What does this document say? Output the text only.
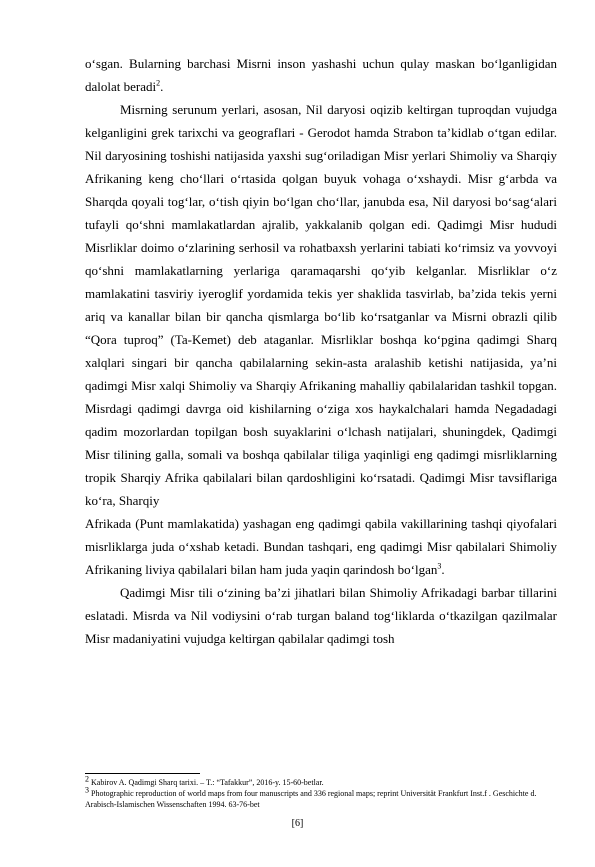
o‘sgan. Bularning barchasi Misrni inson yashashi uchun qulay maskan bo‘lganligidan dalolat beradi$^2$.

Misrning serunum yerlari, asosan, Nil daryosi oqizib keltirgan tuproqdan vujudga kelganligini grek tarixchi va geograflari - Gerodot hamda Strabon ta’kidlab o‘tgan edilar. Nil daryosining toshishi natijasida yaxshi sug‘oriladigan Misr yerlari Shimoliy va Sharqiy Afrikaning keng cho‘llari o‘rtasida qolgan buyuk vohaga o‘xshaydi. Misr g‘arbda va Sharqda qoyali tog‘lar, o‘tish qiyin bo‘lgan cho‘llar, janubda esa, Nil daryosi bo‘sag‘alari tufayli qo‘shni mamlakatlardan ajralib, yakkalanib qolgan edi. Qadimgi Misr hududi Misrliklar doimo o‘zlarining serhosil va rohatbaxsh yerlarini tabiati ko‘rimsiz va yovvoyi qo‘shni mamlakatlarning yerlariga qaramaqarshi qo‘yib kelganlar. Misrliklar o‘z mamlakatini tasviriy iyeroglif yordamida tekis yer shaklida tasvirlab, ba’zida tekis yerni ariq va kanallar bilan bir qancha qismlarga bo‘lib ko‘rsatganlar va Misrni obrazli qilib “Qora tuproq” (Ta-Kemet) deb ataganlar. Misrliklar boshqa ko‘pgina qadimgi Sharq xalqlari singari bir qancha qabilalarning sekin-asta aralashib ketishi natijasida, ya’ni qadimgi Misr xalqi Shimoliy va Sharqiy Afrikaning mahalliy qabilalaridan tashkil topgan. Misrdagi qadimgi davrga oid kishilarning o‘ziga xos haykalchalari hamda Negadadagi qadim mozorlardan topilgan bosh suyaklarini o‘lchash natijalari, shuningdek, Qadimgi Misr tilining galla, somali va boshqa qabilalar tiliga yaqinligi eng qadimgi misrliklarning tropik Sharqiy Afrika qabilalari bilan qardoshligini ko‘rsatadi. Qadimgi Misr tavsiflariga ko‘ra, Sharqiy

Afrikada (Punt mamlakatida) yashagan eng qadimgi qabila vakillarining tashqi qiyofalari misrliklarga juda o‘xshab ketadi. Bundan tashqari, eng qadimgi Misr qabilalari Shimoliy Afrikaning liviya qabilalari bilan ham juda yaqin qarindosh bo‘lgan$^3$.

Qadimgi Misr tili o‘zining ba’zi jihatlari bilan Shimoliy Afrikadagi barbar tillarini eslatadi. Misrda va Nil vodiysini o‘rab turgan baland tog‘liklarda o‘tkazilgan qazilmalar Misr madaniyatini vujudga keltirgan qabilalar qadimgi tosh

$^2$ Kabirov A. Qadimgi Sharq tarixi. – T.: “Tafakkur”, 2016-y. 15-60-betlar.

$^3$ Photographic reproduction of world maps from four manuscripts and 336 regional maps; reprint Universität Frankfurt Inst.f . Geschichte d. Arabisch-Islamischen Wissenschaften 1994. 63-76-bet

[6]
